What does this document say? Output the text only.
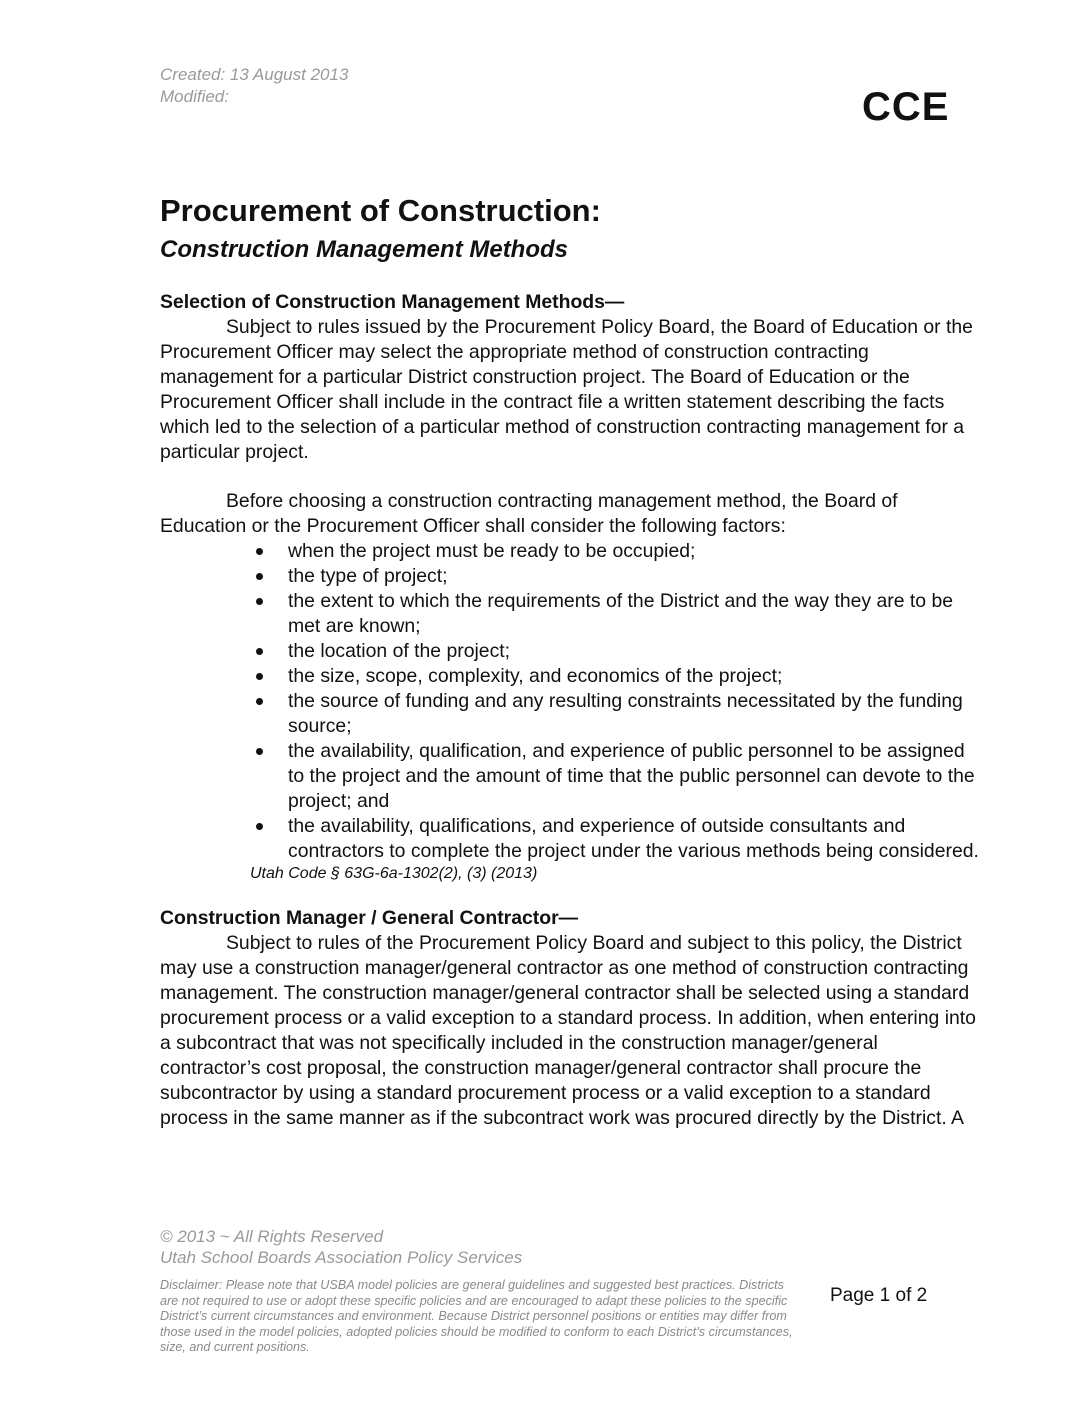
Created: 13 August 2013
Modified:	CCE
Procurement of Construction:
Construction Management Methods

Selection of Construction Management Methods—

Subject to rules issued by the Procurement Policy Board, the Board of Education or the Procurement Officer may select the appropriate method of construction contracting management for a particular District construction project. The Board of Education or the Procurement Officer shall include in the contract file a written statement describing the facts which led to the selection of a particular method of construction contracting management for a particular project.

Before choosing a construction contracting management method, the Board of Education or the Procurement Officer shall consider the following factors:

when the project must be ready to be occupied;
the type of project;
the extent to which the requirements of the District and the way they are to be met are known;
the location of the project;
the size, scope, complexity, and economics of the project;
the source of funding and any resulting constraints necessitated by the funding source;
the availability, qualification, and experience of public personnel to be assigned to the project and the amount of time that the public personnel can devote to the project; and
the availability, qualifications, and experience of outside consultants and contractors to complete the project under the various methods being considered.
Utah Code § 63G-6a-1302(2), (3) (2013)

Construction Manager / General Contractor—

Subject to rules of the Procurement Policy Board and subject to this policy, the District may use a construction manager/general contractor as one method of construction contracting management. The construction manager/general contractor shall be selected using a standard procurement process or a valid exception to a standard process. In addition, when entering into a subcontract that was not specifically included in the construction manager/general contractor’s cost proposal, the construction manager/general contractor shall procure the subcontractor by using a standard procurement process or a valid exception to a standard process in the same manner as if the subcontract work was procured directly by the District. A

© 2013 ~ All Rights Reserved
Utah School Boards Association Policy Services
Disclaimer: Please note that USBA model policies are general guidelines and suggested best practices. Districts are not required to use or adopt these specific policies and are encouraged to adapt these policies to the specific District’s current circumstances and environment. Because District personnel positions or entities may differ from those used in the model policies, adopted policies should be modified to conform to each District’s circumstances, size, and current positions.
Page 1 of 2
